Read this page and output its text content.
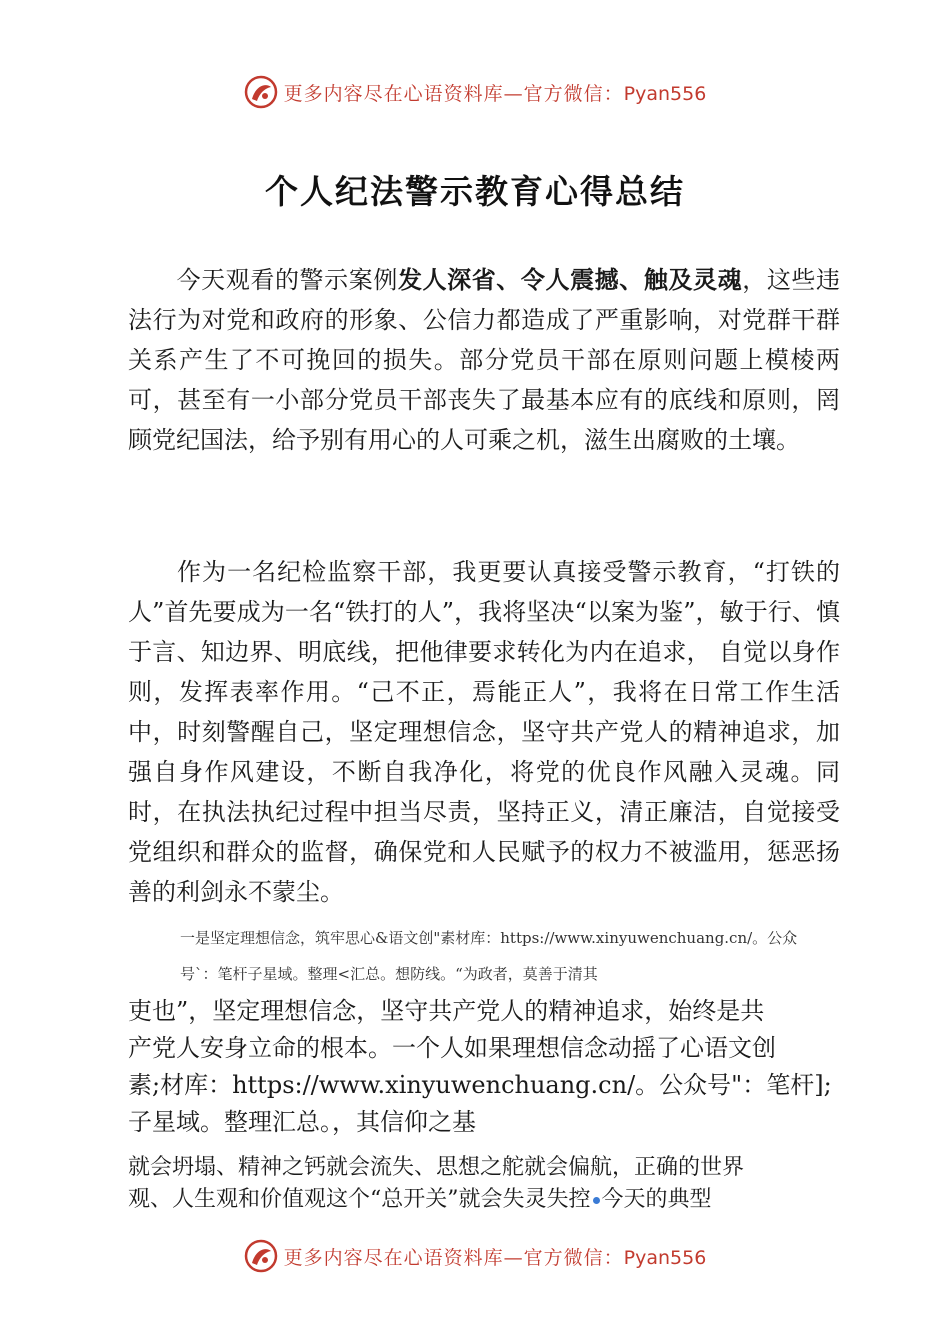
更多内容尽在心语资料库—官方微信：Pyan556
个人纪法警示教育心得总结

  今天观看的警示案例发人深省、令人震撼、触及灵魂，这些违法行为对党和政府的形象、公信力都造成了严重影响，对党群干群关系产生了不可挽回的损失。部分党员干部在原则问题上模棱两可，甚至有一小部分党员干部丧失了最基本应有的底线和原则，罔顾党纪国法，给予别有用心的人可乘之机，滋生出腐败的土壤。

  作为一名纪检监察干部，我更要认真接受警示教育，“打铁的人”首先要成为一名“铁打的人”，我将坚决“以案为鉴”，敏于行、慎于言、知边界、明底线，把他律要求转化为内在追求， 自觉以身作则，发挥表率作用。“己不正，焉能正人”，我将在日常工作生活中，时刻警醒自己，坚定理想信念，坚守共产党人的精神追求，加强自身作风建设，不断自我净化，将党的优良作风融入灵魂。同时，在执法执纪过程中担当尽责，坚持正义，清正廉洁，自觉接受党组织和群众的监督，确保党和人民赋予的权力不被滥用，惩恶扬善的利剑永不蒙尘。

一是坚定理想信念，筑牢思心&语文创"素材库：https://www.xinyuwenchuang.cn/。公众
号`：笔杆子星域。整理<汇总。想防线。“为政者，莫善于清其

吏也”，坚定理想信念，坚守共产党人的精神追求，始终是共
产党人安身立命的根本。一个人如果理想信念动摇了心语文创
素;材库：https://www.xinyuwenchuang.cn/。公众号"：笔杆];
子星域。整理汇总。，其信仰之基

就会坍塌、精神之钙就会流失、思想之舵就会偏航，正确的世界
观、人生观和价值观这个“总开关”就会失灵失控 今天的典型

更多内容尽在心语资料库—官方微信：Pyan556
